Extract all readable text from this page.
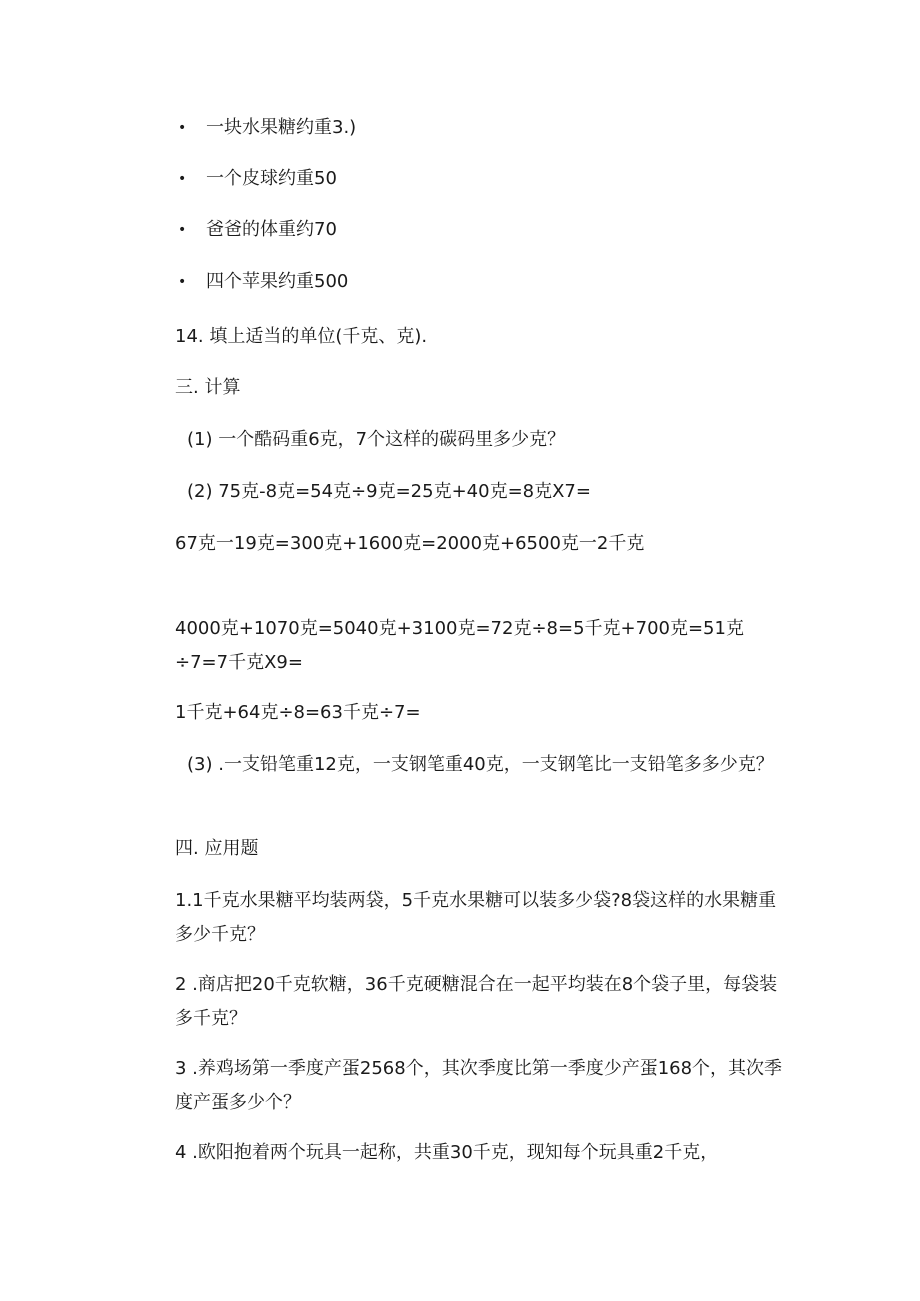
• 一块水果糖约重3.)
• 一个皮球约重50
• 爸爸的体重约70
• 四个苹果约重500
14. 填上适当的单位(千克、克).
三. 计算
(1) 一个酷码重6克，7个这样的碳码里多少克？
(2) 75克-8克=54克÷9克=25克+40克=8克X7=
67克一19克=300克+1600克=2000克+6500克一2千克
4000克+1070克=5040克+3100克=72克÷8=5千克+700克=51克÷7=7千克X9=
1千克+64克÷8=63千克÷7=
(3) .一支铅笔重12克，一支钢笔重40克，一支钢笔比一支铅笔多多少克？
四. 应用题
1.1千克水果糖平均装两袋，5千克水果糖可以装多少袋?8袋这样的水果糖重多少千克？
2 .商店把20千克软糖，36千克硬糖混合在一起平均装在8个袋子里，每袋装多千克？
3 .养鸡场第一季度产蛋2568个，其次季度比第一季度少产蛋168个，其次季度产蛋多少个？
4 .欧阳抱着两个玩具一起称，共重30千克，现知每个玩具重2千克，
